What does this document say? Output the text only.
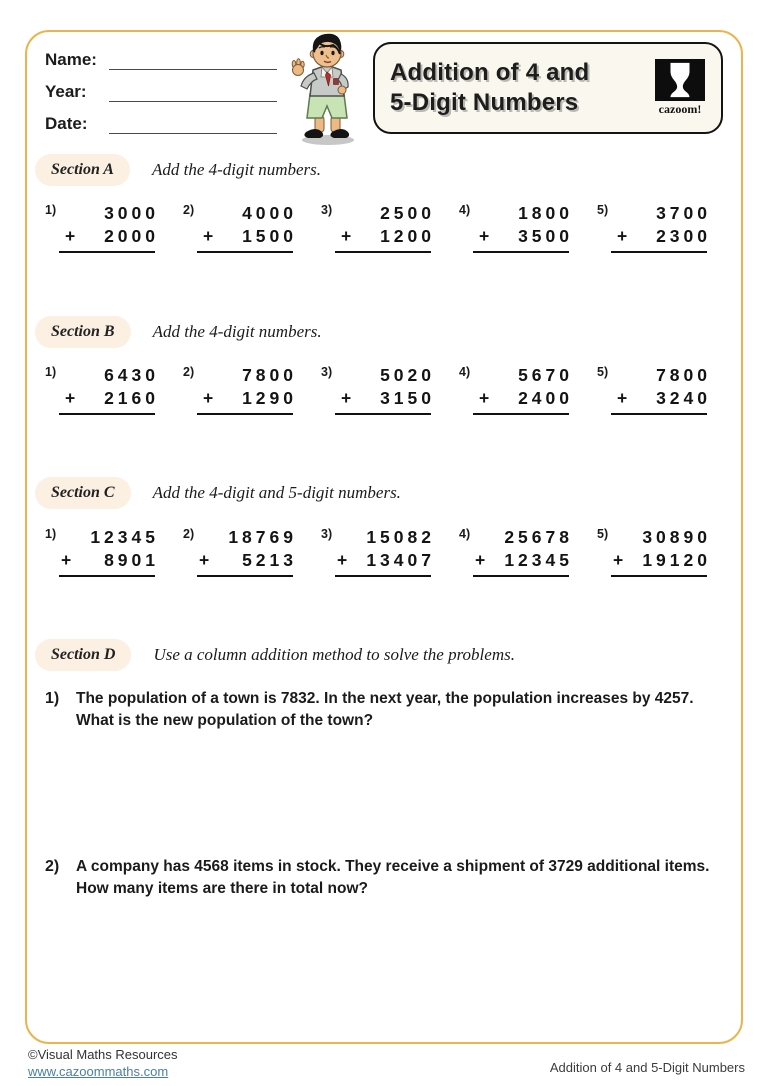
Name:
Year:
Date:
Addition of 4 and
5-Digit Numbers	cazoom!
Section A	Add the 4-digit numbers.
1)	3000
+ 2000
2)	4000
+ 1500
3)	2500
+ 1200
4)	1800
+ 3500
5)	3700
+ 2300
Section B	Add the 4-digit numbers.
1)	6430
+ 2160
2)	7800
+ 1290
3)	5020
+ 3150
4)	5670
+ 2400
5)	7800
+ 3240
Section C	Add the 4-digit and 5-digit numbers.
1)	12345
+ 8901
2)	18769
+ 5213
3)	15082
+ 13407
4)	25678
+ 12345
5)	30890
+ 19120
Section D	Use a column addition method to solve the problems.
1)	The population of a town is 7832. In the next year, the population increases by 4257.
What is the new population of the town?
2)	A company has 4568 items in stock. They receive a shipment of 3729 additional items.
How many items are there in total now?
©Visual Maths Resources
www.cazoommaths.com	Addition of 4 and 5-Digit Numbers
